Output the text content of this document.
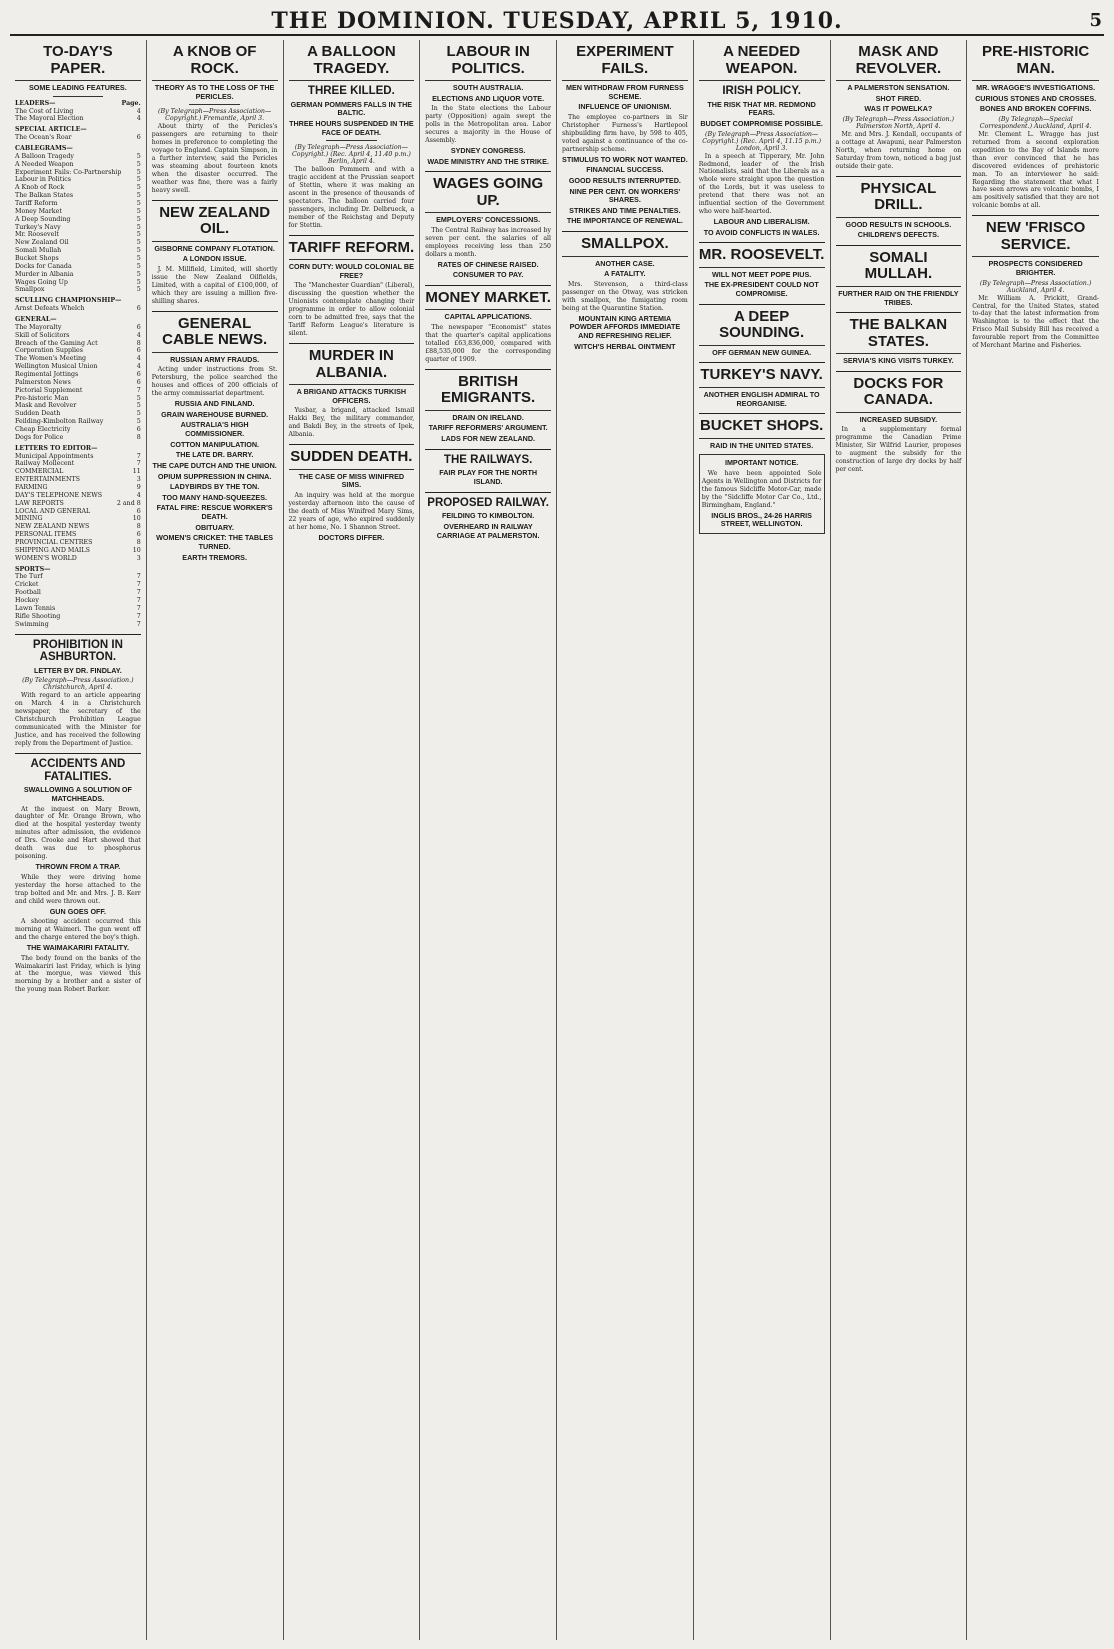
THE DOMINION. TUESDAY, APRIL 5, 1910.	5
TO-DAY'S PAPER.
SOME LEADING FEATURES.
LEADERS—	Page.
The Cost of Living	4
The Mayoral Election	4
SPECIAL ARTICLE—
The Ocean's Roar	6
CABLEGRAMS—
A Balloon Tragedy	5
A Needed Weapon	5
Experiment Fails: Co-Partnership 5
Labour in Politics	5
A Knob of Rock	5
The Balkan States	5
Tariff Reform	5
Money Market	5
A Deep Sounding	5
Turkey's Navy	5
Mr. Roosevelt	5
New Zealand Oil	5
Somali Mullah	5
Bucket Shops	5
Docks for Canada	5
Murder in Albania	5
Wages Going Up	5
Smallpox	5
SCULLING CHAMPIONSHIP—
Arnst Defeats Whelch	6
GENERAL—
The Mayoralty	6
Skill of Solicitors	4
Breach of the Gaming Act	8
Corporation Supplies	6
The Women's Meeting	4
Wellington Musical Union	4
Regimental Jottings	6
Palmerston News	6
Pictorial Supplement	7
Pre-historic Man	5
Mask and Revolver	5
Sudden Death	5
Feilding-Kimbolton Railway	5
Cheap Electricity	6
Dogs for Police	8
LETTERS TO EDITOR—
Municipal Appointments	7
Railway Mollecent	7
COMMERCIAL	11
ENTERTAINMENTS	3
FARMING	9
DAY'S TELEPHONE NEWS	4
LAW REPORTS	2 and 8
LOCAL AND GENERAL	6
MINING	10
NEW ZEALAND NEWS	8
PERSONAL ITEMS	6
PROVINCIAL CENTRES	8
SHIPPING AND MAILS	10
WOMEN'S WORLD	3
SPORTS—
The Turf	7
Cricket	7
Football	7
Hockey	7
Lawn Tennis	7
Rifle Shooting	7
Swimming	7
PROHIBITION IN ASHBURTON.
LETTER BY DR. FINDLAY.
(By Telegraph—Press Association.) Christchurch, April 4.
With regard to an article appearing on March 4 in a Christchurch newspaper, the secretary of the Christchurch Prohibition League communicated with the Minister for Justice, and has received the following reply from the Department of Justice.
ACCIDENTS AND FATALITIES.
SWALLOWING A SOLUTION OF MATCHHEADS.
At the inquest on Mary Brown, daughter of Mr. Orange Brown, who died at the hospital yesterday twenty minutes after admission, the evidence of Drs. Crooke and Hart showed that death was due to phosphorus poisoning.
THROWN FROM A TRAP.
While they were driving home yesterday the horse attached to the trap bolted and Mr. and Mrs. J. B. Kerr and child were thrown out.
GUN GOES OFF.
A shooting accident occurred this morning at Waimeri. The gun went off and the charge entered the boy's thigh.
THE WAIMAKARIRI FATALITY.
The body found on the banks of the Waimakariri last Friday, which is lying at the morgue, was viewed this morning by a brother and a sister of the young man Robert Barker.
A KNOB OF ROCK.
THEORY AS TO THE LOSS OF THE PERICLES.
(By Telegraph—Press Association—Copyright.) Fremantle, April 3.
About thirty of the Pericles's passengers are returning to their homes in preference to completing the voyage to England. Captain Simpson, in a further interview, said the Pericles was steaming about fourteen knots when the disaster occurred. The weather was fine, there was a fairly heavy swell.
NEW ZEALAND OIL.
GISBORNE COMPANY FLOTATION.
A LONDON ISSUE.
J. M. Millfield, Limited, will shortly issue the New Zealand Oilfields, Limited, with a capital of £100,000, of which they are issuing a million five-shilling shares.
GENERAL CABLE NEWS.
RUSSIAN ARMY FRAUDS.
Acting under instructions from St. Petersburg, the police searched the houses and offices of 200 officials of the army commissariat department.
RUSSIA AND FINLAND.
GRAIN WAREHOUSE BURNED.
AUSTRALIA'S HIGH COMMISSIONER.
COTTON MANIPULATION.
THE LATE DR. BARRY.
THE CAPE DUTCH AND THE UNION.
OPIUM SUPPRESSION IN CHINA.
LADYBIRDS BY THE TON.
TOO MANY HAND-SQUEEZES.
FATAL FIRE: RESCUE WORKER'S DEATH.
OBITUARY.
WOMEN'S CRICKET: THE TABLES TURNED.
EARTH TREMORS.
A BALLOON TRAGEDY.
THREE KILLED.
GERMAN POMMERS FALLS IN THE BALTIC.
THREE HOURS SUSPENDED IN THE FACE OF DEATH.
(By Telegraph—Press Association—Copyright.) (Rec. April 4, 11.40 p.m.) Berlin, April 4.
The balloon Pommern and with a tragic accident at the Prussian seaport of Stettin, where it was making an ascent in the presence of thousands of spectators. The balloon carried four passengers, including Dr. Delbrueck, a member of the Reichstag and Deputy for Stettin.
TARIFF REFORM.
CORN DUTY: WOULD COLONIAL BE FREE?
The "Manchester Guardian" (Liberal), discussing the question whether the Unionists contemplate changing their programme in order to allow colonial corn to be admitted free, says that the Tariff Reform League's literature is silent.
MURDER IN ALBANIA.
A BRIGAND ATTACKS TURKISH OFFICERS.
Yusbar, a brigand, attacked Ismail Hakki Bey, the military commander, and Bakdi Bey, in the streets of Ipek, Albania.
SUDDEN DEATH.
THE CASE OF MISS WINIFRED SIMS.
An inquiry was held at the morgue yesterday afternoon into the cause of the death of Miss Winifred Mary Sims, 22 years of age, who expired suddenly at her home, No. 1 Shannon Street.
DOCTORS DIFFER.
LABOUR IN POLITICS.
SOUTH AUSTRALIA.
ELECTIONS AND LIQUOR VOTE.
In the State elections the Labour party (Opposition) again swept the polls in the Metropolitan area. Labor secures a majority in the House of Assembly.
SYDNEY CONGRESS.
WADE MINISTRY AND THE STRIKE.
WAGES GOING UP.
EMPLOYERS' CONCESSIONS.
The Central Railway has increased by seven per cent. the salaries of all employees receiving less than 250 dollars a month.
RATES OF CHINESE RAISED.
CONSUMER TO PAY.
MONEY MARKET.
CAPITAL APPLICATIONS.
The newspaper "Economist" states that the quarter's capital applications totalled £63,836,000, compared with £88,535,000 for the corresponding quarter of 1909.
BRITISH EMIGRANTS.
DRAIN ON IRELAND.
TARIFF REFORMERS' ARGUMENT.
LADS FOR NEW ZEALAND.
THE RAILWAYS.
FAIR PLAY FOR THE NORTH ISLAND.
PROPOSED RAILWAY.
FEILDING TO KIMBOLTON.
OVERHEARD IN RAILWAY CARRIAGE AT PALMERSTON.
EXPERIMENT FAILS.
MEN WITHDRAW FROM FURNESS SCHEME.
INFLUENCE OF UNIONISM.
The employee co-partners in Sir Christopher Furness's Hartlepool shipbuilding firm have, by 598 to 405, voted against a continuance of the co-partnership scheme.
STIMULUS TO WORK NOT WANTED.
FINANCIAL SUCCESS.
GOOD RESULTS INTERRUPTED.
NINE PER CENT. ON WORKERS' SHARES.
STRIKES AND TIME PENALTIES.
THE IMPORTANCE OF RENEWAL.
SMALLPOX.
ANOTHER CASE.
A FATALITY.
Mrs. Stevenson, a third-class passenger on the Otway, was stricken with smallpox, the fumigating room being at the Quarantine Station.
MOUNTAIN KING ARTEMIA POWDER AFFORDS IMMEDIATE AND REFRESHING RELIEF.
WITCH'S HERBAL OINTMENT
A NEEDED WEAPON.
IRISH POLICY.
THE RISK THAT MR. REDMOND FEARS.
BUDGET COMPROMISE POSSIBLE.
(By Telegraph—Press Association—Copyright.) (Rec. April 4, 11.15 p.m.) London, April 3.
In a speech at Tipperary, Mr. John Redmond, leader of the Irish Nationalists, said that the Liberals as a whole were straight upon the question of the Lords, but it was useless to pretend that there was not an influential section of the Government who were half-hearted.
LABOUR AND LIBERALISM.
TO AVOID CONFLICTS IN WALES.
MR. ROOSEVELT.
WILL NOT MEET POPE PIUS.
THE EX-PRESIDENT COULD NOT COMPROMISE.
A DEEP SOUNDING.
OFF GERMAN NEW GUINEA.
TURKEY'S NAVY.
ANOTHER ENGLISH ADMIRAL TO REORGANISE.
BUCKET SHOPS.
RAID IN THE UNITED STATES.
IMPORTANT NOTICE.
We have been appointed Sole Agents in Wellington and Districts for the famous Sidcliffe Motor-Car, made by the "Sidcliffe Motor Car Co., Ltd., Birmingham, England."
INGLIS BROS., 24-26 HARRIS STREET, WELLINGTON.
MASK AND REVOLVER.
A PALMERSTON SENSATION.
SHOT FIRED.
WAS IT POWELKA?
(By Telegraph—Press Association.) Palmerston North, April 4.
Mr. and Mrs. J. Kendall, occupants of a cottage at Awapuni, near Palmerston North, when returning home on Saturday from town, noticed a bag just outside their gate.
PHYSICAL DRILL.
GOOD RESULTS IN SCHOOLS.
CHILDREN'S DEFECTS.
SOMALI MULLAH.
FURTHER RAID ON THE FRIENDLY TRIBES.
THE BALKAN STATES.
SERVIA'S KING VISITS TURKEY.
DOCKS FOR CANADA.
INCREASED SUBSIDY.
In a supplementary formal programme the Canadian Prime Minister, Sir Wilfrid Laurier, proposes to augment the subsidy for the construction of large dry docks by half per cent.
PRE-HISTORIC MAN.
MR. WRAGGE'S INVESTIGATIONS.
CURIOUS STONES AND CROSSES.
BONES AND BROKEN COFFINS.
(By Telegraph—Special Correspondent.) Auckland, April 4.
Mr. Clement L. Wragge has just returned from a second exploration expedition to the Bay of Islands more than ever convinced that he has discovered evidences of prehistoric man. To an interviewer he said: Regarding the statement that what I have seen arrows are volcanic bombs, I am positively satisfied that they are not volcanic bombs at all.
NEW 'FRISCO SERVICE.
PROSPECTS CONSIDERED BRIGHTER.
(By Telegraph—Press Association.) Auckland, April 4.
Mr. William A. Prickitt, Grand-Central, for the United States, stated to-day that the latest information from Washington is to the effect that the Frisco Mail Subsidy Bill has received a favourable report from the Committee of Merchant Marine and Fisheries.
